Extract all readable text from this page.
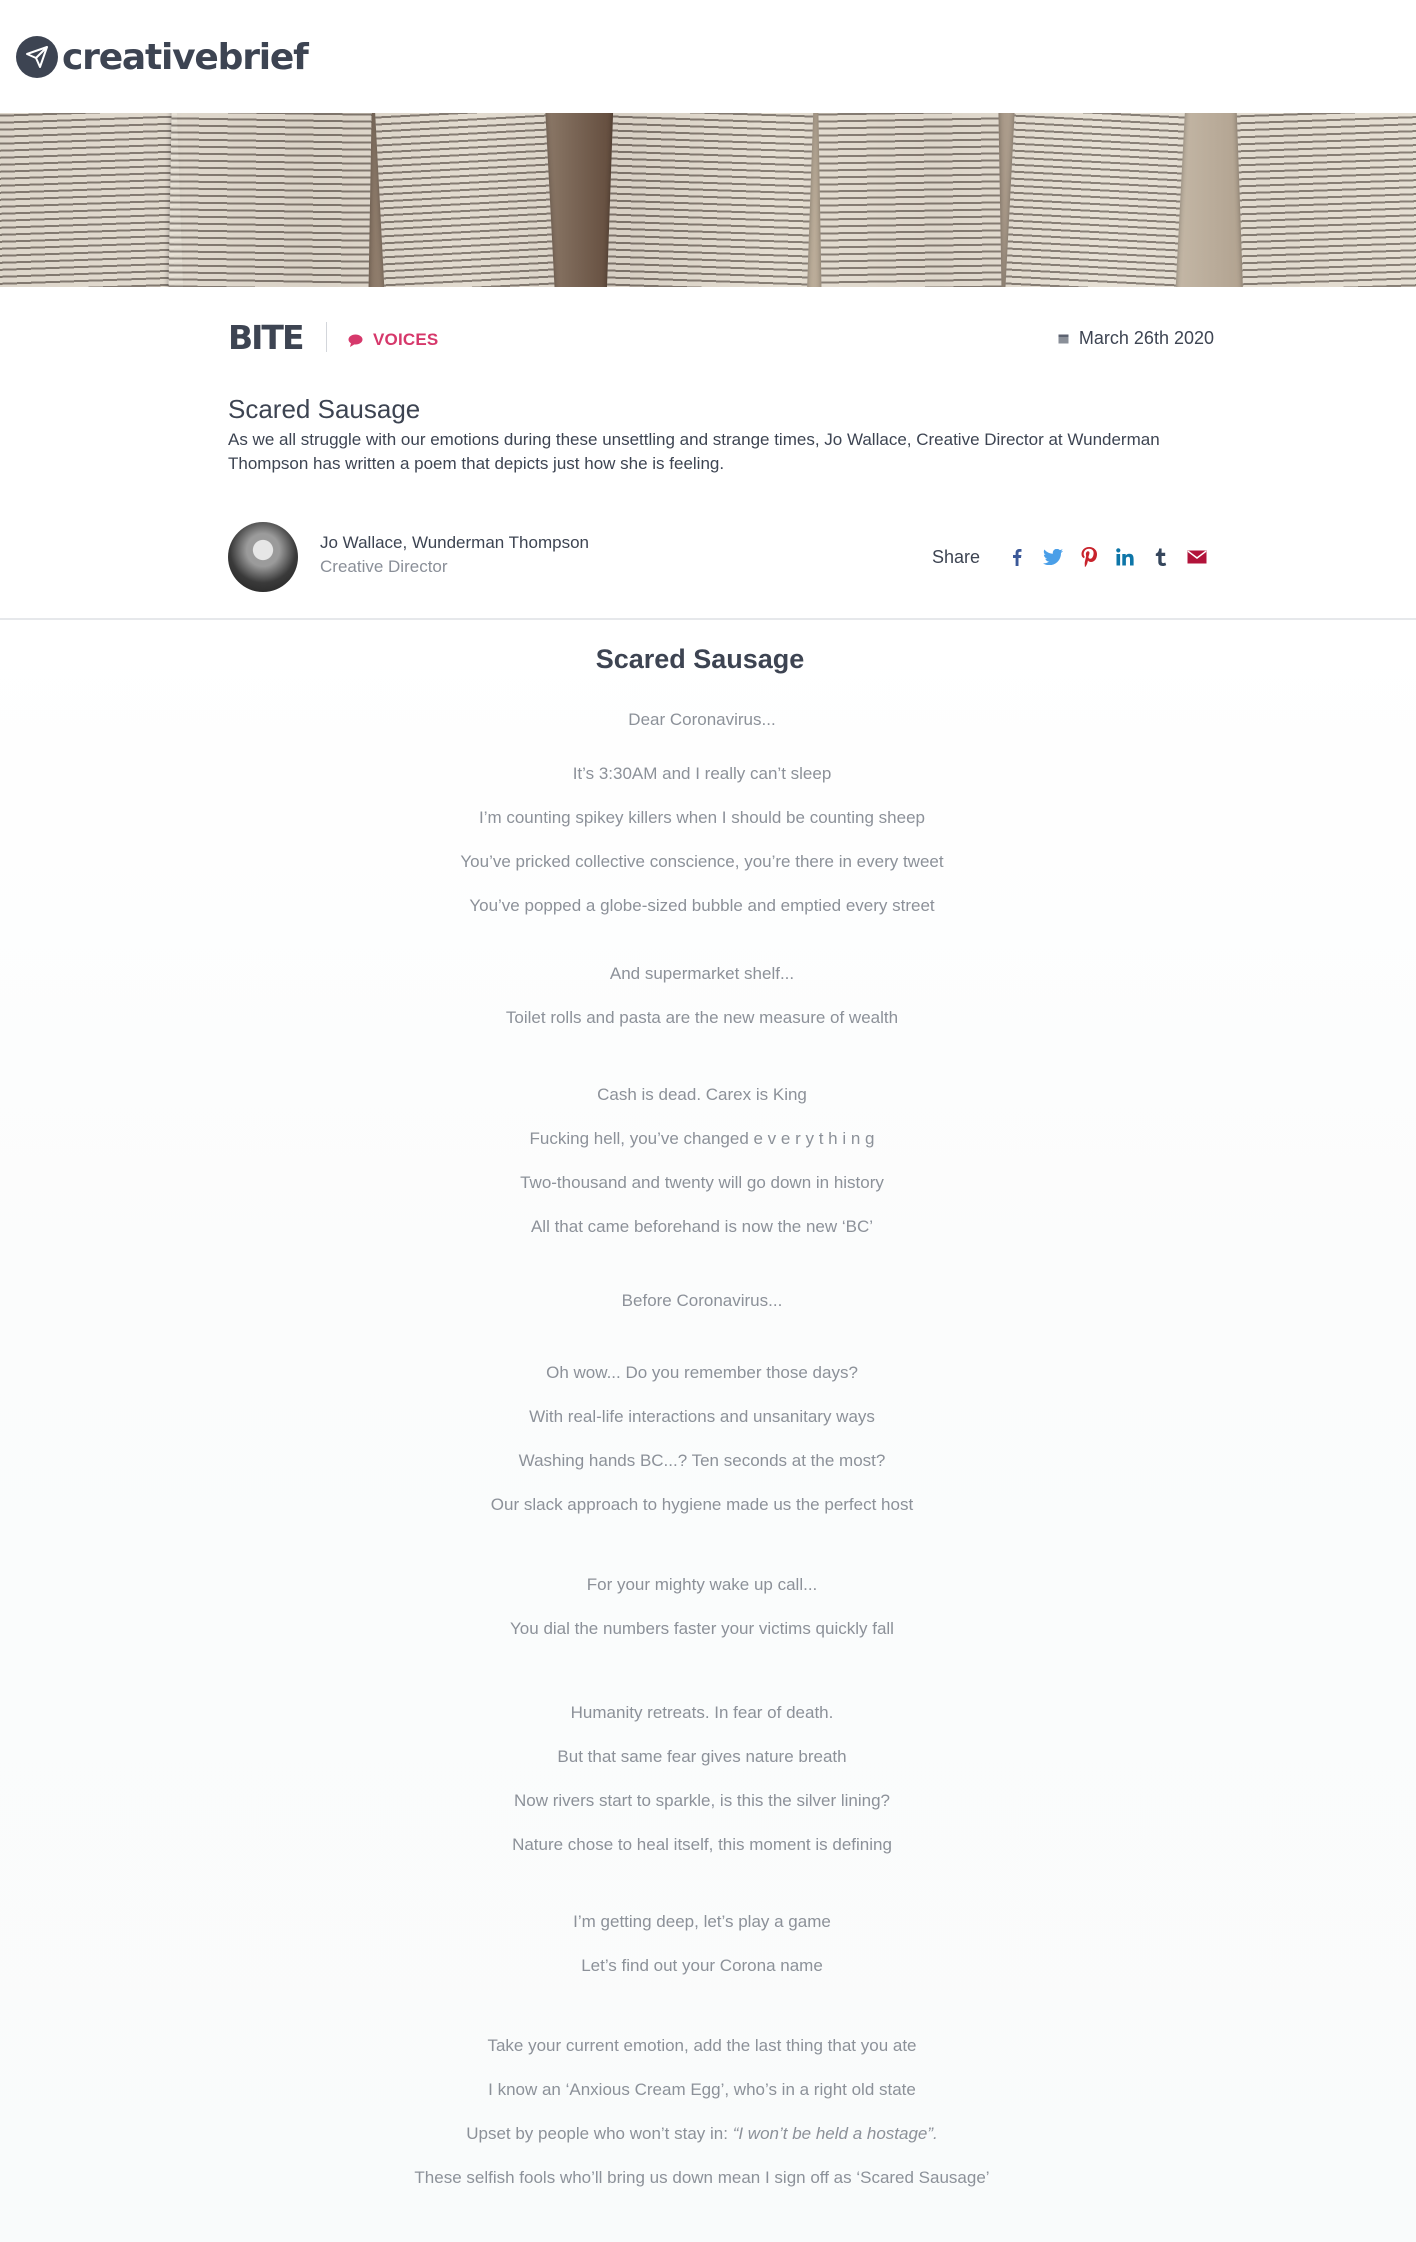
creativebrief
BITE	VOICES	March 26th 2020
Scared Sausage

As we all struggle with our emotions during these unsettling and strange times, Jo Wallace, Creative Director at Wunderman Thompson has written a poem that depicts just how she is feeling.

Jo Wallace, Wunderman Thompson
Creative Director	Share
Scared Sausage
Dear Coronavirus...
It’s 3:30AM and I really can’t sleep
I’m counting spikey killers when I should be counting sheep
You’ve pricked collective conscience, you’re there in every tweet
You’ve popped a globe-sized bubble and emptied every street
And supermarket shelf...
Toilet rolls and pasta are the new measure of wealth
Cash is dead. Carex is King
Fucking hell, you’ve changed e v e r y t h i n g
Two-thousand and twenty will go down in history
All that came beforehand is now the new ‘BC’
Before Coronavirus...
Oh wow... Do you remember those days?
With real-life interactions and unsanitary ways
Washing hands BC...? Ten seconds at the most?
Our slack approach to hygiene made us the perfect host
For your mighty wake up call...
You dial the numbers faster your victims quickly fall
Humanity retreats. In fear of death.
But that same fear gives nature breath
Now rivers start to sparkle, is this the silver lining?
Nature chose to heal itself, this moment is defining
I’m getting deep, let’s play a game
Let’s find out your Corona name
Take your current emotion, add the last thing that you ate
I know an ‘Anxious Cream Egg’, who’s in a right old state
Upset by people who won’t stay in: “I won’t be held a hostage”.
These selfish fools who’ll bring us down mean I sign off as ‘Scared Sausage’
